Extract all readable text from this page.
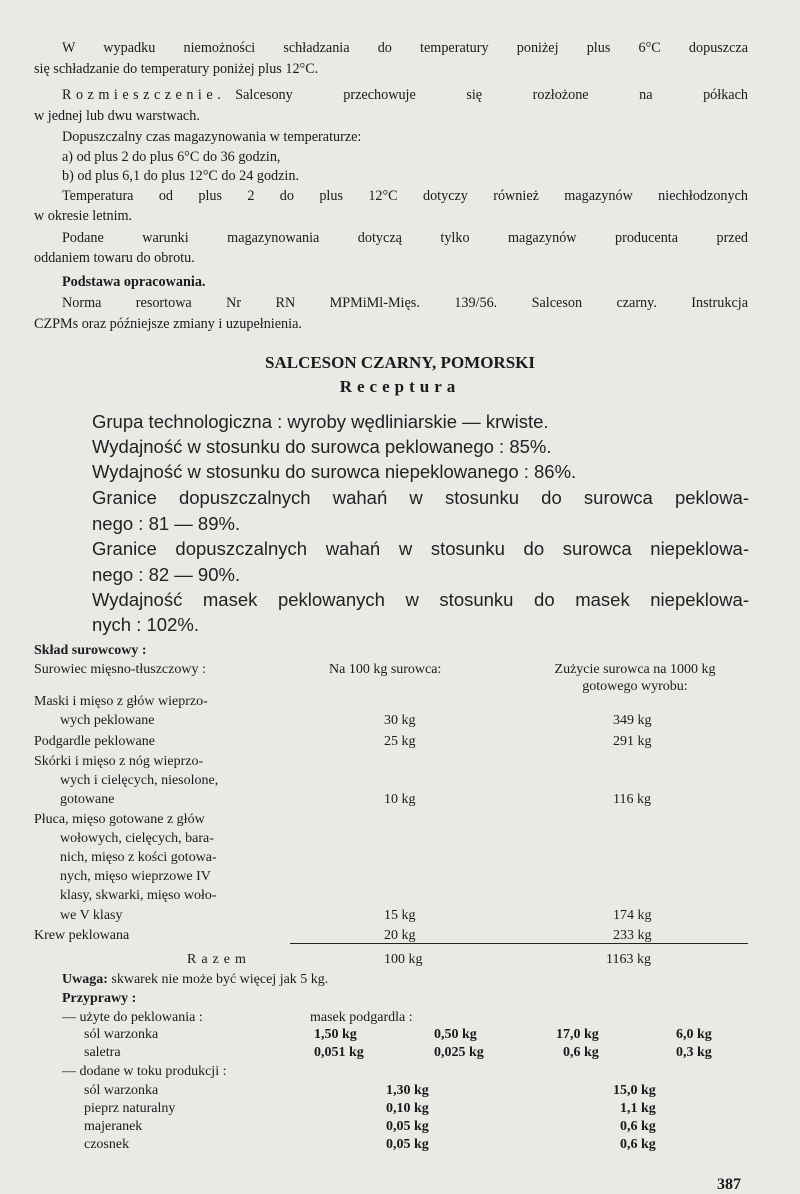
W wypadku niemożności schładzania do temperatury poniżej plus 6°C dopuszcza
się schładzanie do temperatury poniżej plus 12°C.
Rozmieszczenie. Salcesony przechowuje się rozłożone na półkach
w jednej lub dwu warstwach.
Dopuszczalny czas magazynowania w temperaturze:
a) od plus 2 do plus 6°C do 36 godzin,
b) od plus 6,1 do plus 12°C do 24 godzin.
Temperatura od plus 2 do plus 12°C dotyczy również magazynów niechłodzonych
w okresie letnim.
Podane warunki magazynowania dotyczą tylko magazynów producenta przed
oddaniem towaru do obrotu.
Podstawa opracowania.
Norma resortowa Nr RN MPMiMl-Mięs. 139/56. Salceson czarny. Instrukcja
CZPMs oraz późniejsze zmiany i uzupełnienia.
SALCESON CZARNY, POMORSKI
Receptura
Grupa technologiczna : wyroby wędliniarskie — krwiste.
Wydajność w stosunku do surowca peklowanego : 85%.
Wydajność w stosunku do surowca niepeklowanego : 86%.
Granice dopuszczalnych wahań w stosunku do surowca peklowa-
nego : 81 — 89%.
Granice dopuszczalnych wahań w stosunku do surowca niepeklowa-
nego : 82 — 90%.
Wydajność masek peklowanych w stosunku do masek niepeklowa-
nych : 102%.
Skład surowcowy :
Surowiec mięsno-tłuszczowy :	Na 100 kg surowca:	Zużycie surowca na 1000 kg
gotowego wyrobu:
Maski i mięso z głów wieprzo-
wych peklowane	30 kg	349 kg
Podgardle peklowane	25 kg	291 kg
Skórki i mięso z nóg wieprzo-
wych i cielęcych, niesolone,
gotowane	10 kg	116 kg
Płuca, mięso gotowane z głów
wołowych, cielęcych, bara-
nich, mięso z kości gotowa-
nych, mięso wieprzowe IV
klasy, skwarki, mięso woło-
we V klasy	15 kg	174 kg
Krew peklowana	20 kg	233 kg
Razem	100 kg	1163 kg
Uwaga: skwarek nie może być więcej jak 5 kg.
Przyprawy :
— użyte do peklowania :	masek podgardla :
sól warzonka	1,50 kg	0,50 kg	17,0 kg	6,0 kg
saletra	0,051 kg	0,025 kg	0,6 kg	0,3 kg
— dodane w toku produkcji :
sól warzonka	1,30 kg	15,0 kg
pieprz naturalny	0,10 kg	1,1 kg
majeranek	0,05 kg	0,6 kg
czosnek	0,05 kg	0,6 kg
387
